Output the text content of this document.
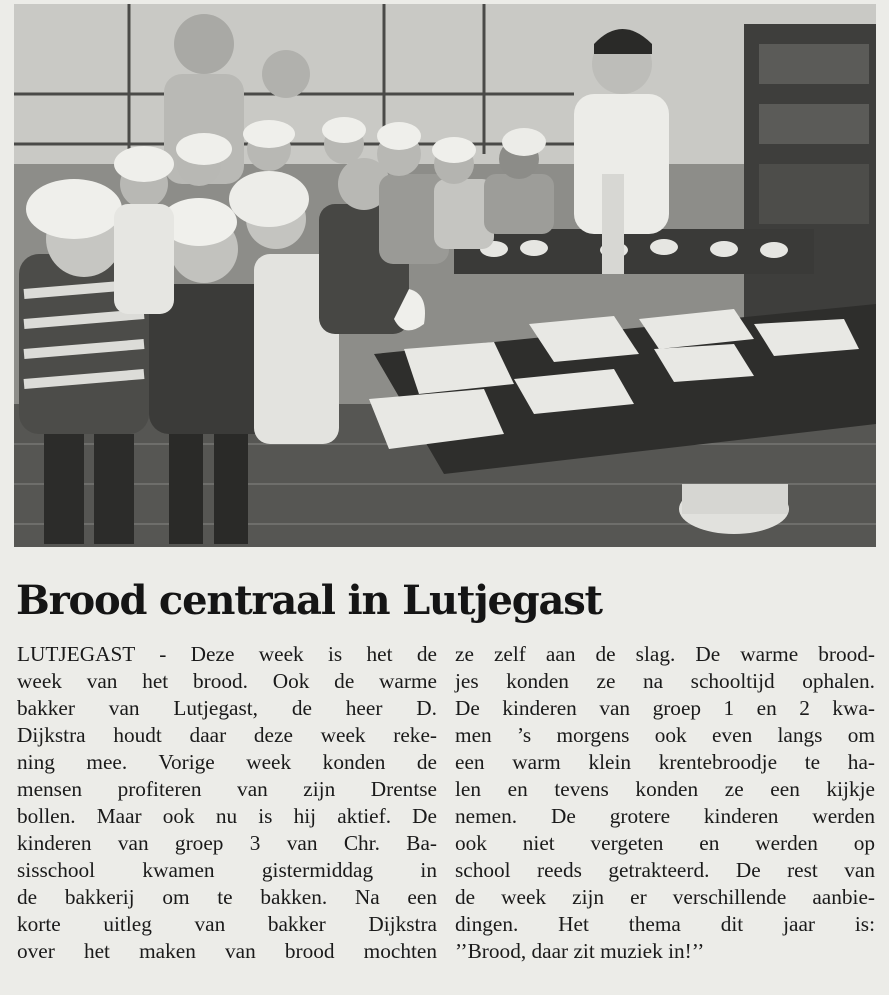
Brood centraal in Lutjegast
LUTJEGAST - Deze week is het de
week van het brood. Ook de warme
bakker van Lutjegast, de heer D.
Dijkstra houdt daar deze week reke-
ning mee. Vorige week konden de
mensen profiteren van zijn Drentse
bollen. Maar ook nu is hij aktief. De
kinderen van groep 3 van Chr. Ba-
sisschool kwamen gistermiddag in
de bakkerij om te bakken. Na een
korte uitleg van bakker Dijkstra
over het maken van brood mochten
ze zelf aan de slag. De warme brood-
jes konden ze na schooltijd ophalen.
De kinderen van groep 1 en 2 kwa-
men ’s morgens ook even langs om
een warm klein krentebroodje te ha-
len en tevens konden ze een kijkje
nemen. De grotere kinderen werden
ook niet vergeten en werden op
school reeds getrakteerd. De rest van
de week zijn er verschillende aanbie-
dingen. Het thema dit jaar is:
’’Brood, daar zit muziek in!’’
